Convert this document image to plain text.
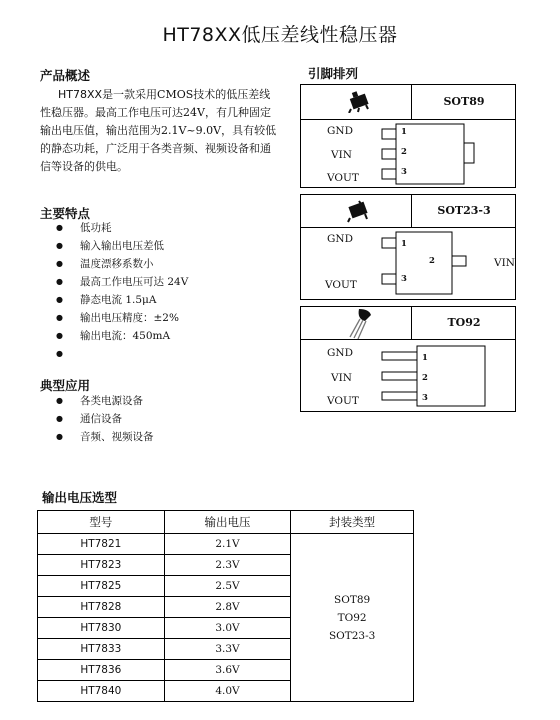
HT78XX低压差线性稳压器
产品概述
HT78XX是一款采用CMOS技术的低压差线性稳压器。最高工作电压可达24V，有几种固定输出电压值，输出范围为2.1V~9.0V，具有较低的静态功耗，广泛用于各类音频、视频设备和通信等设备的供电。
主要特点
● 低功耗
● 输入输出电压差低
● 温度漂移系数小
● 最高工作电压可达 24V
● 静态电流 1.5μA
● 输出电压精度：±2%
● 输出电流：450mA
●
典型应用
● 各类电源设备
● 通信设备
● 音频、视频设备
引脚排列
SOT89
GND
VIN
VOUT
1
2
3
SOT23-3
GND
VOUT
VIN
1
3
2
TO92
GND
VIN
VOUT
1
2
3
输出电压选型
型号	输出电压	封装类型
HT7821	2.1V	SOT89
TO92
SOT23-3

HT7823	2.3V	
HT7825	2.5V	
HT7828	2.8V	
HT7830	3.0V	
HT7833	3.3V	
HT7836	3.6V	
HT7840	4.0V	
